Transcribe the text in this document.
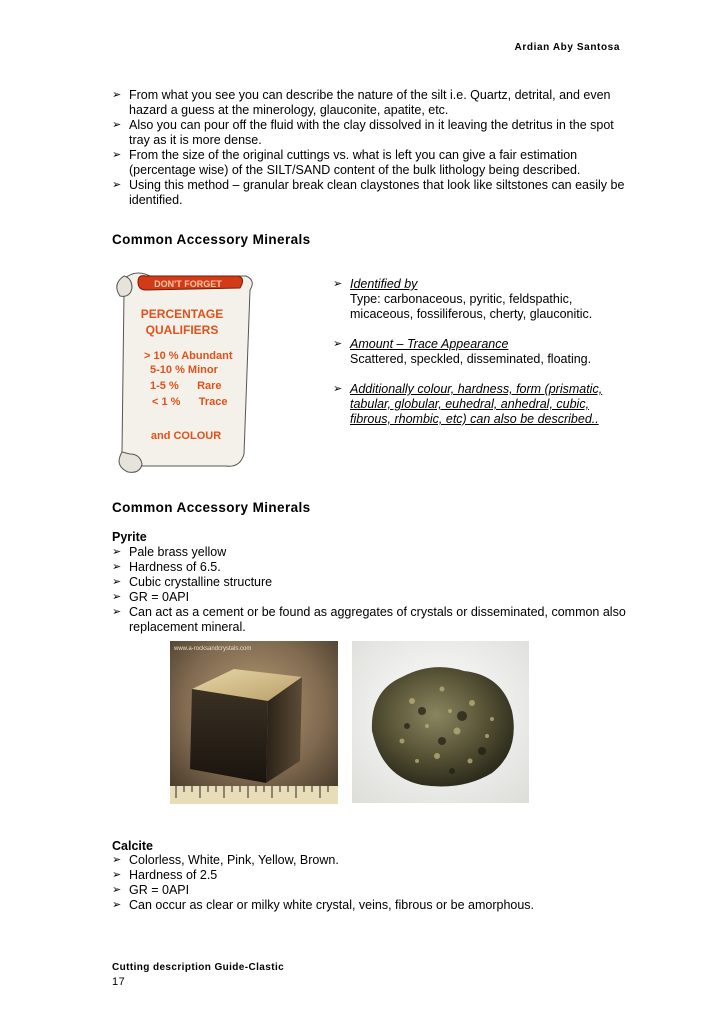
Ardian Aby Santosa
➢ From what you see you can describe the nature of the silt i.e. Quartz, detrital, and even hazard a guess at the minerology, glauconite, apatite, etc.
➢ Also you can pour off the fluid with the clay dissolved in it leaving the detritus in the spot tray as it is more dense.
➢ From the size of the original cuttings vs. what is left you can give a fair estimation (percentage wise) of the SILT/SAND content of the bulk lithology being described.
➢ Using this method – granular break clean claystones that look like siltstones can easily be identified.
Common Accessory Minerals
DON'T FORGET
PERCENTAGE
QUALIFIERS
> 10 % Abundant
5-10 % Minor
1-5 %      Rare
< 1 %      Trace
and COLOUR
➢ Identified by
Type: carbonaceous, pyritic, feldspathic, micaceous, fossiliferous, cherty, glauconitic.
➢ Amount – Trace Appearance
Scattered, speckled, disseminated, floating.
➢ Additionally colour, hardness, form (prismatic, tabular, globular, euhedral, anhedral, cubic, fibrous, rhombic, etc) can also be described..
Common Accessory Minerals
Pyrite
➢ Pale brass yellow
➢ Hardness of 6.5.
➢ Cubic crystalline structure
➢ GR = 0API
➢ Can act as a cement or be found as aggregates of crystals or disseminated, common also replacement mineral.
www.a-rocksandcrystals.com
Calcite
➢ Colorless, White, Pink, Yellow, Brown.
➢ Hardness of 2.5
➢ GR = 0API
➢ Can occur as clear or milky white crystal, veins, fibrous or be amorphous.
Cutting description Guide-Clastic
17
